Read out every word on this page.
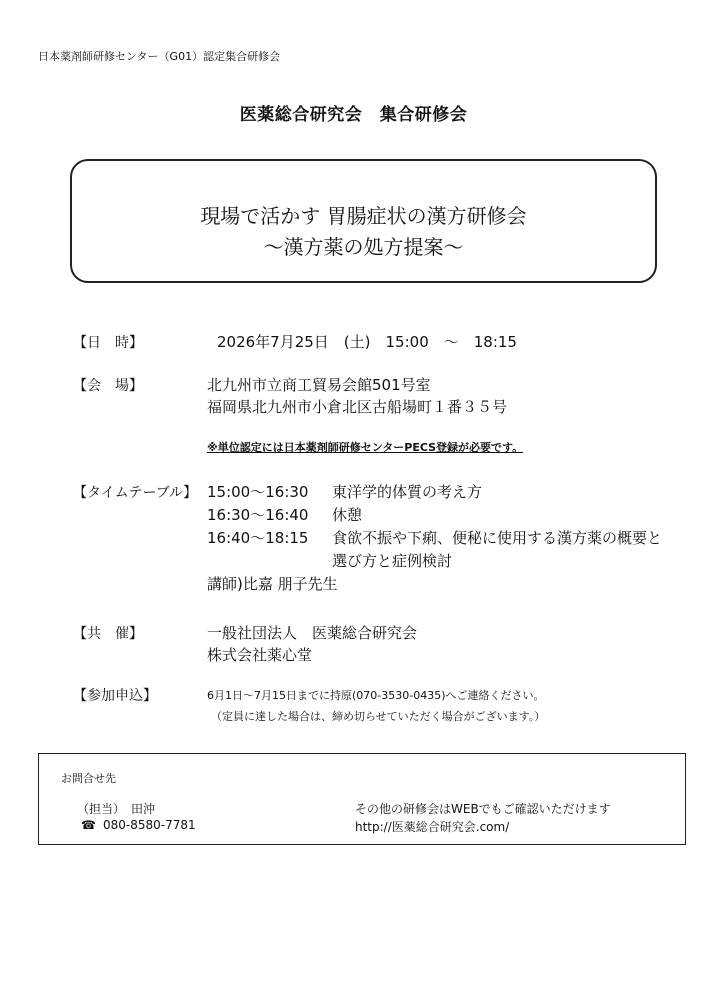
日本薬剤師研修センター（G01）認定集合研修会
医薬総合研究会　集合研修会
現場で活かす 胃腸症状の漢方研修会
～漢方薬の処方提案～
【日　時】	2026年7月25日　(土)　15:00　～　18:15
【会　場】	北九州市立商工貿易会館501号室
福岡県北九州市小倉北区古船場町１番３５号
※単位認定には日本薬剤師研修センターPECS登録が必要です。
【タイムテーブル】 15:00～16:30 東洋学的体質の考え方
16:30～16:40 休憩
16:40～18:15 食欲不振や下痢、便秘に使用する漢方薬の概要と
選び方と症例検討
講師)比嘉 朋子先生
【共　催】	一般社団法人　医薬総合研究会
株式会社薬心堂
【参加申込】	6月1日～7月15日までに持原(070-3530-0435)へご連絡ください。
（定員に達した場合は、締め切らせていただく場合がございます。）
お問合せ先
（担当）　田沖
☎ 080-8580-7781
その他の研修会はWEBでもご確認いただけます
http://医薬総合研究会.com/
